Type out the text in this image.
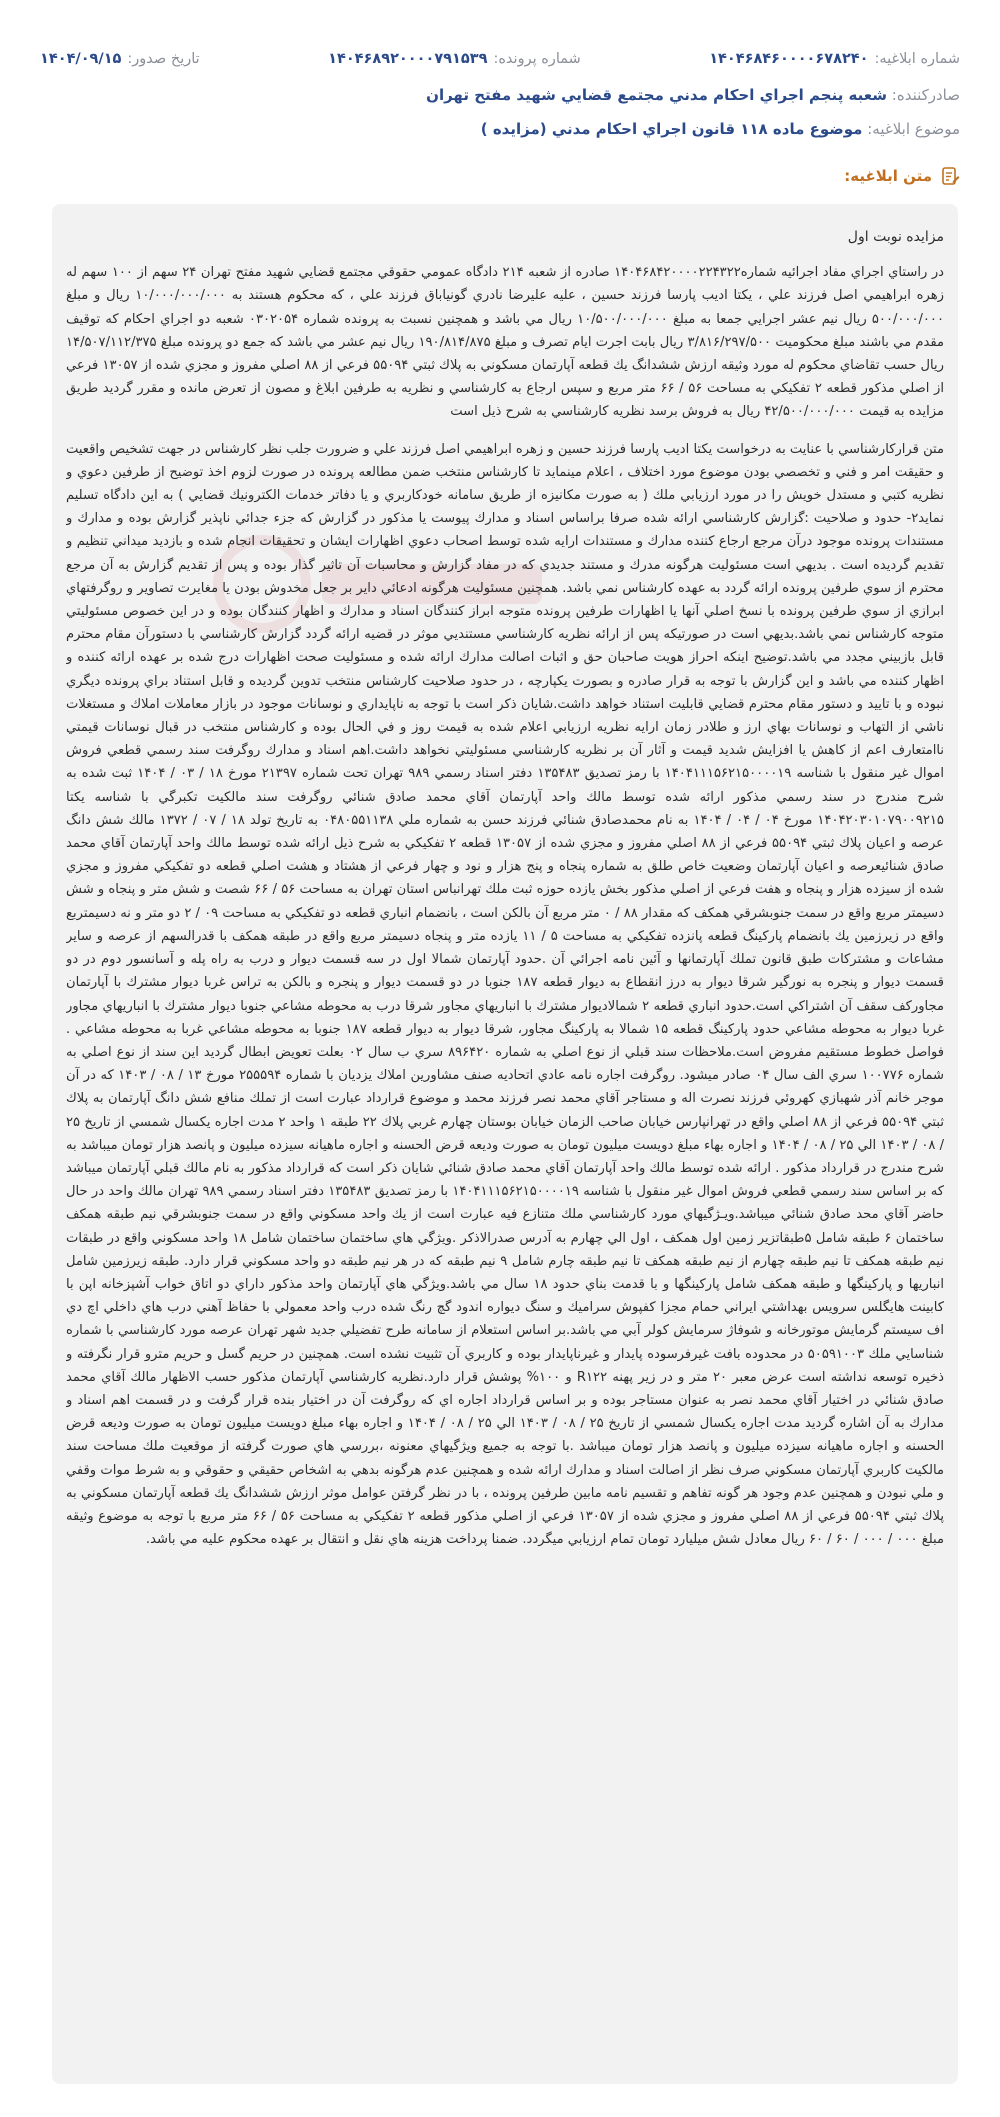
شماره ابلاغیه:
۱۴۰۴۶۸۴۶۰۰۰۰۶۷۸۲۴۰
شماره پرونده:
۱۴۰۴۶۸۹۲۰۰۰۰۷۹۱۵۳۹
تاریخ صدور:
۱۴۰۴/۰۹/۱۵
صادرکننده: شعبه پنجم اجراي احكام مدني مجتمع قضايي شهيد مفتح تهران
موضوع ابلاغیه: موضوع ماده ۱۱۸ قانون اجراي احكام مدني (مزايده )
متن ابلاغیه:

مزايده نوبت اول

در راستاي اجراي مفاد اجرائيه شماره۱۴۰۴۶۸۴۲۰۰۰۰۲۲۴۳۲۲ صادره از شعبه ۲۱۴ دادگاه عمومي حقوقي مجتمع قضايي شهيد مفتح تهران ۲۴ سهم از ۱۰۰ سهم له زهره ابراهيمي اصل فرزند علي ، يكتا اديب پارسا فرزند حسين ، عليه عليرضا نادري گونياباق فرزند علي ، كه محكوم هستند به ۱۰/۰۰۰/۰۰۰/۰۰۰ ريال و مبلغ ۵۰۰/۰۰۰/۰۰۰ ريال نيم عشر اجرايي جمعا به مبلغ ۱۰/۵۰۰/۰۰۰/۰۰۰ ريال مي باشد و همچنين نسبت به پرونده شماره ۰۳۰۲۰۵۴ شعبه دو اجراي احكام كه توقيف مقدم مي باشند مبلغ محكوميت ۳/۸۱۶/۲۹۷/۵۰۰ ريال بابت اجرت ايام تصرف و مبلغ ۱۹۰/۸۱۴/۸۷۵ ريال نيم عشر مي باشد كه جمع دو پرونده مبلغ ۱۴/۵۰۷/۱۱۲/۳۷۵ ريال حسب تقاضاي محكوم له مورد وثيقه ارزش ششدانگ يك قطعه آپارتمان مسكوني به پلاك ثبتي ۵۵۰۹۴ فرعي از ۸۸ اصلي مفروز و مجزي شده از ۱۳۰۵۷ فرعي از اصلي مذكور قطعه ۲ تفكيكي به مساحت ۵۶ / ۶۶ متر مربع و سپس ارجاع به كارشناسي و نظريه به طرفين ابلاغ و مصون از تعرض مانده و مقرر گرديد طريق مزايده به قيمت ۴۲/۵۰۰/۰۰۰/۰۰۰ ريال به فروش برسد نظريه كارشناسي به شرح ذيل است

متن قراركارشناسي با عنايت به درخواست يكتا اديب پارسا فرزند حسين و زهره ابراهيمي اصل فرزند علي و ضرورت جلب نظر كارشناس در جهت تشخيص واقعيت و حقيقت امر و فني و تخصصي بودن موضوع مورد اختلاف ، اعلام مينمايد تا كارشناس منتخب ضمن مطالعه پرونده در صورت لزوم اخذ توضيح از طرفين دعوي و نظريه كتبي و مستدل خويش را در مورد ارزيابي ملك ( به صورت مكانيزه از طريق سامانه خودكاربري و يا دفاتر خدمات الكترونيك قضايي ) به اين دادگاه تسليم نمايد۲- حدود و صلاحيت :گزارش كارشناسي ارائه شده صرفا براساس اسناد و مدارك پيوست يا مذكور در گزارش كه جزء جدائي ناپذير گزارش بوده و مدارك و مستندات پرونده موجود درآن مرجع ارجاع كننده مدارك و مستندات ارايه شده توسط اصحاب دعوي اظهارات ايشان و تحقيقات انجام شده و بازديد ميداني تنظيم و تقديم گرديده است . بديهي است مسئوليت هرگونه مدرك و مستند جديدي كه در مفاد گزارش و محاسبات آن تاثير گذار بوده و پس از تقديم گزارش به آن مرجع محترم از سوي طرفين پرونده ارائه گردد به عهده كارشناس نمي باشد. همچنين مسئوليت هرگونه ادعائي داير بر جعل مخدوش بودن يا مغايرت تصاوير و روگرفتهاي ابرازي از سوي طرفين پرونده با نسخ اصلي آنها يا اظهارات طرفين پرونده متوجه ابراز كنندگان اسناد و مدارك و اظهار كنندگان بوده و در اين خصوص مسئوليتي متوجه كارشناس نمي باشد.بديهي است در صورتيكه پس از ارائه نظريه كارشناسي مستنديي موثر در قضيه ارائه گردد گزارش كارشناسي با دستورآن مقام محترم قابل بازبيني مجدد مي باشد.توضيح اينكه احراز هويت صاحبان حق و اثبات اصالت مدارك ارائه شده و مسئوليت صحت اظهارات درج شده بر عهده ارائه كننده و اظهار كننده مي باشد و اين گزارش با توجه به قرار صادره و بصورت يكپارچه ، در حدود صلاحيت كارشناس منتخب تدوين گرديده و قابل استناد براي پرونده ديگري نبوده و با تاييد و دستور مقام محترم قضايي قابليت استناد خواهد داشت.شايان ذكر است با توجه به ناپايداري و نوسانات موجود در بازار معاملات املاك و مستغلات ناشي از التهاب و نوسانات بهاي ارز و طلادر زمان ارايه نظريه ارزيابي اعلام شده به قيمت روز و في الحال بوده و كارشناس منتخب در قبال نوسانات قيمتي ناامتعارف اعم از كاهش يا افزايش شديد قيمت و آثار آن بر نظريه كارشناسي مسئوليتي نخواهد داشت.اهم اسناد و مدارك روگرفت سند رسمي قطعي فروش اموال غير منقول با شناسه ۱۴۰۴۱۱۱۵۶۲۱۵۰۰۰۰۱۹ با رمز تصديق ۱۳۵۴۸۳ دفتر اسناد رسمي ۹۸۹ تهران تحت شماره ۲۱۳۹۷ مورخ ۱۸ / ۰۳ / ۱۴۰۴ ثبت شده به شرح مندرج در سند رسمي مذكور ارائه شده توسط مالك واحد آپارتمان آقاي محمد صادق شنائي روگرفت سند مالكيت تكبرگي با شناسه يكتا ۱۴۰۴۲۰۳۰۱۰۷۹۰۰۹۲۱۵ مورخ ۰۴ / ۰۴ / ۱۴۰۴ به نام محمدصادق شنائي فرزند حسن به شماره ملي ۰۴۸۰۵۵۱۱۳۸ به تاريخ تولد ۱۸ / ۰۷ / ۱۳۷۲ مالك شش دانگ عرصه و اعيان پلاك ثبتي ۵۵۰۹۴ فرعي از ۸۸ اصلي مفروز و مجزي شده از ۱۳۰۵۷ قطعه ۲ تفكيكي به شرح ذيل ارائه شده توسط مالك واحد آپارتمان آقاي محمد صادق شنائيعرصه و اعيان آپارتمان وضعيت خاص طلق به شماره پنجاه و پنج هزار و نود و چهار فرعي از هشتاد و هشت اصلي قطعه دو تفكيكي مفروز و مجزي شده از سيزده هزار و پنجاه و هفت فرعي از اصلي مذكور بخش يازده حوزه ثبت ملك تهرانباس استان تهران به مساحت ۵۶ / ۶۶ شصت و شش متر و پنجاه و شش دسيمتر مربع واقع در سمت جنوبشرقي همكف كه مقدار ۸۸ / ۰ متر مربع آن بالكن است ، بانضمام انباري قطعه دو تفكيكي به مساحت ۰۹ / ۲ دو متر و نه دسيمتربع واقع در زيرزمين يك بانضمام پاركينگ قطعه پانزده تفكيكي به مساحت ۵ / ۱۱ يازده متر و پنجاه دسيمتر مربع واقع در طبقه همكف با قدرالسهم از عرصه و ساير مشاعات و مشتركات طبق قانون تملك آپارتمانها و آئين نامه اجرائي آن .حدود آپارتمان شمالا اول در سه قسمت ديوار و درب به راه پله و آسانسور دوم در دو قسمت ديوار و پنجره به نورگير شرقا ديوار به درز انقطاع به ديوار قطعه ۱۸۷ جنوبا در دو قسمت ديوار و پنجره و بالكن به تراس غربا ديوار مشترك با آپارتمان مجاوركف سقف آن اشتراكي است.حدود انباري قطعه ۲ شمالاديوار مشترك با انباريهاي مجاور شرقا درب به محوطه مشاعي جنوبا ديوار مشترك با انباريهاي مجاور غربا ديوار به محوطه مشاعي حدود پاركينگ قطعه ۱۵ شمالا به پاركينگ مجاور، شرقا ديوار به ديوار قطعه ۱۸۷ جنوبا به محوطه مشاعي غربا به محوطه مشاعي . فواصل خطوط مستقيم مفروض است.ملاحظات سند قبلي از نوع اصلي به شماره ۸۹۶۴۲۰ سري ب سال ۰۲ بعلت تعويض ابطال گرديد اين سند از نوع اصلي به شماره ۱۰۰۷۷۶ سري الف سال ۰۴ صادر ميشود. روگرفت اجاره نامه عادي اتحاديه صنف مشاورين املاك يزديان با شماره ۲۵۵۵۹۴ مورخ ۱۳ / ۰۸ / ۱۴۰۳ كه در آن موجر خانم آذر شهبازي كهروئي فرزند نصرت اله و مستاجر آقاي محمد نصر فرزند محمد و موضوع قرارداد عبارت است از تملك منافع شش دانگ آپارتمان به پلاك ثبتي ۵۵۰۹۴ فرعي از ۸۸ اصلي واقع در تهرانپارس خيابان صاحب الزمان خيابان بوستان چهارم غربي پلاك ۲۲ طبقه ۱ واحد ۲ مدت اجاره يكسال شمسي از تاريخ ۲۵ / ۰۸ / ۱۴۰۳ الي ۲۵ / ۰۸ / ۱۴۰۴ و اجاره بهاء مبلغ دويست ميليون تومان به صورت وديعه قرض الحسنه و اجاره ماهيانه سيزده ميليون و پانصد هزار تومان ميباشد به شرح مندرج در قرارداد مذكور . ارائه شده توسط مالك واحد آپارتمان آقاي محمد صادق شنائي شايان ذكر است كه قرارداد مذكور به نام مالك قبلي آپارتمان ميباشد كه بر اساس سند رسمي قطعي فروش اموال غير منقول با شناسه ۱۴۰۴۱۱۱۵۶۲۱۵۰۰۰۰۱۹ با رمز تصديق ۱۳۵۴۸۳ دفتر اسناد رسمي ۹۸۹ تهران مالك واحد در حال حاضر آقاي محد صادق شنائي ميباشد.ويـژگيهاي مورد كارشناسي ملك متنازع فيه عبارت است از يك واحد مسكوني واقع در سمت جنوبشرقي نيم طبقه همكف ساختمان ۶ طبقه شامل ۵طبقاتزير زمين اول همكف ، اول الي چهارم به آدرس صدرالاذكر .ويژگي هاي ساختمان ساختمان شامل ۱۸ واحد مسكوني واقع در طبقات نيم طبقه همكف تا نيم طبقه چهارم از نيم طبقه همكف تا نيم طبقه چارم شامل ۹ نيم طبقه كه در هر نيم طبقه دو واحد مسكوني قرار دارد. طبقه زيرزمين شامل انباريها و پاركينگها و طبقه همكف شامل پاركينگها و با قدمت بناي حدود ۱۸ سال مي باشد.ويژگي هاي آپارتمان واحد مذكور داراي دو اتاق خواب آشپزخانه اپن با كابينت هايگلس سرويس بهداشتي ايراني حمام مجزا كفپوش سراميك و سنگ ديواره اندود گچ رنگ شده درب واحد معمولي با حفاظ آهني درب هاي داخلي اچ دي اف سيستم گرمايش موتورخانه و شوفاژ سرمايش كولر آبي مي باشد.بر اساس استعلام از سامانه طرح تفضيلي جديد شهر تهران عرصه مورد كارشناسي با شماره شناسايي ملك ۵۰۵۹۱۰۰۳ در محدوده بافت غيرفرسوده پايدار و غيرناپايدار بوده و كاربري آن تثبيت نشده است. همچنين در حريم گسل و حريم مترو قرار نگرفته و ذخيره توسعه نداشته است عرض معبر ۲۰ متر و در زير پهنه R۱۲۲ و ۱۰۰% پوشش قرار دارد.نظريه كارشناسي آپارتمان مذكور حسب الاظهار مالك آقاي محمد صادق شنائي در اختيار آقاي محمد نصر به عنوان مستاجر بوده و بر اساس قرارداد اجاره اي كه روگرفت آن در اختيار بنده قرار گرفت و در قسمت اهم اسناد و مدارك به آن اشاره گرديد مدت اجاره يكسال شمسي از تاريخ ۲۵ / ۰۸ / ۱۴۰۳ الي ۲۵ / ۰۸ / ۱۴۰۴ و اجاره بهاء مبلغ دويست ميليون تومان به صورت وديعه قرض الحسنه و اجاره ماهيانه سيزده ميليون و پانصد هزار تومان ميباشد .با توجه به جميع ويژگيهاي معنونه ،بررسي هاي صورت گرفته از موقعيت ملك مساحت سند مالكيت كاربري آپارتمان مسكوني صرف نظر از اصالت اسناد و مدارك ارائه شده و همچنين عدم هرگونه بدهي به اشخاص حقيقي و حقوقي و به شرط موات وقفي و ملي نبودن و همچنين عدم وجود هر گونه تفاهم و تقسيم نامه مابين طرفين پرونده ، با در نظر گرفتن عوامل موثر ارزش ششدانگ يك قطعه آپارتمان مسكوني به پلاك ثبتي ۵۵۰۹۴ فرعي از ۸۸ اصلي مفروز و مجزي شده از ۱۳۰۵۷ فرعي از اصلي مذكور قطعه ۲ تفكيكي به مساحت ۵۶ / ۶۶ متر مربع با توجه به موضوع وثيقه مبلغ ۰۰۰ / ۰۰۰ / ۶۰ / ۶۰ ريال معادل شش ميليارد تومان تمام ارزيابي ميگردد. ضمنا پرداخت هزينه هاي نقل و انتقال بر عهده محكوم عليه مي باشد.
